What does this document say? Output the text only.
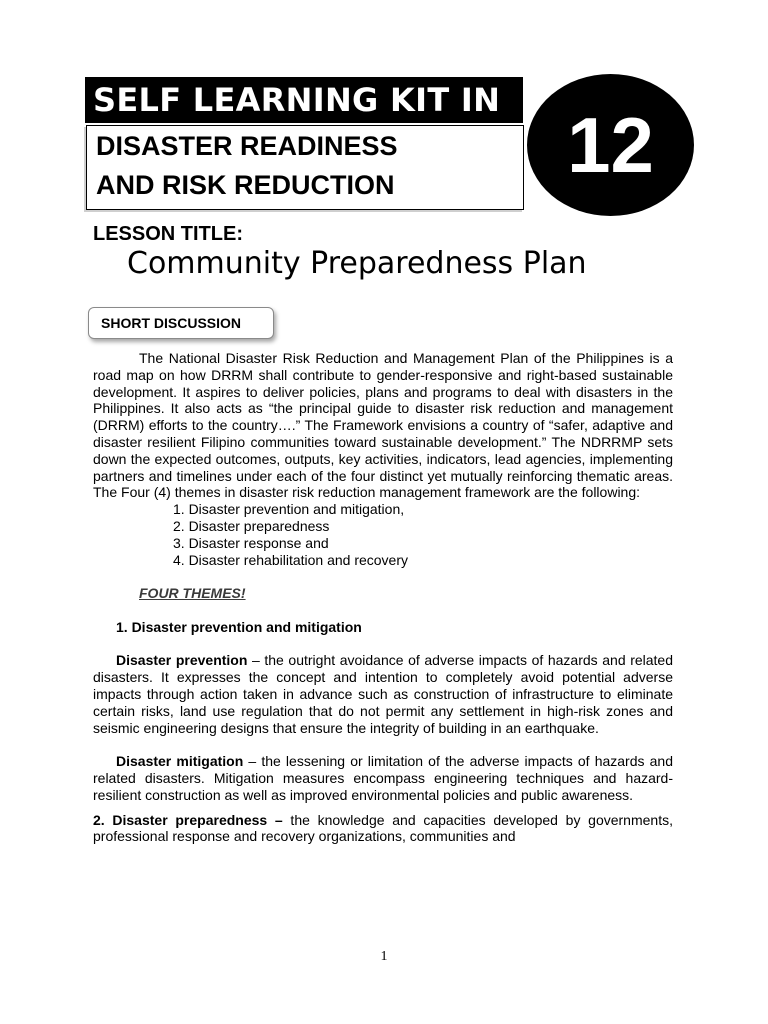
SELF LEARNING KIT IN
DISASTER READINESS
AND RISK REDUCTION 12
LESSON TITLE:
Community Preparedness Plan
SHORT DISCUSSION

The National Disaster Risk Reduction and Management Plan of the Philippines is a road map on how DRRM shall contribute to gender-responsive and right-based sustainable development. It aspires to deliver policies, plans and programs to deal with disasters in the Philippines. It also acts as “the principal guide to disaster risk reduction and management (DRRM) efforts to the country….” The Framework envisions a country of “safer, adaptive and disaster resilient Filipino communities toward sustainable development.” The NDRRMP sets down the expected outcomes, outputs, key activities, indicators, lead agencies, implementing partners and timelines under each of the four distinct yet mutually reinforcing thematic areas. The Four (4) themes in disaster risk reduction management framework are the following:

1. Disaster prevention and mitigation,
2. Disaster preparedness
3. Disaster response and
4. Disaster rehabilitation and recovery

FOUR THEMES!

1. Disaster prevention and mitigation

Disaster prevention – the outright avoidance of adverse impacts of hazards and related disasters. It expresses the concept and intention to completely avoid potential adverse impacts through action taken in advance such as construction of infrastructure to eliminate certain risks, land use regulation that do not permit any settlement in high-risk zones and seismic engineering designs that ensure the integrity of building in an earthquake.

Disaster mitigation – the lessening or limitation of the adverse impacts of hazards and related disasters. Mitigation measures encompass engineering techniques and hazard-resilient construction as well as improved environmental policies and public awareness.

2. Disaster preparedness – the knowledge and capacities developed by governments, professional response and recovery organizations, communities and

1
